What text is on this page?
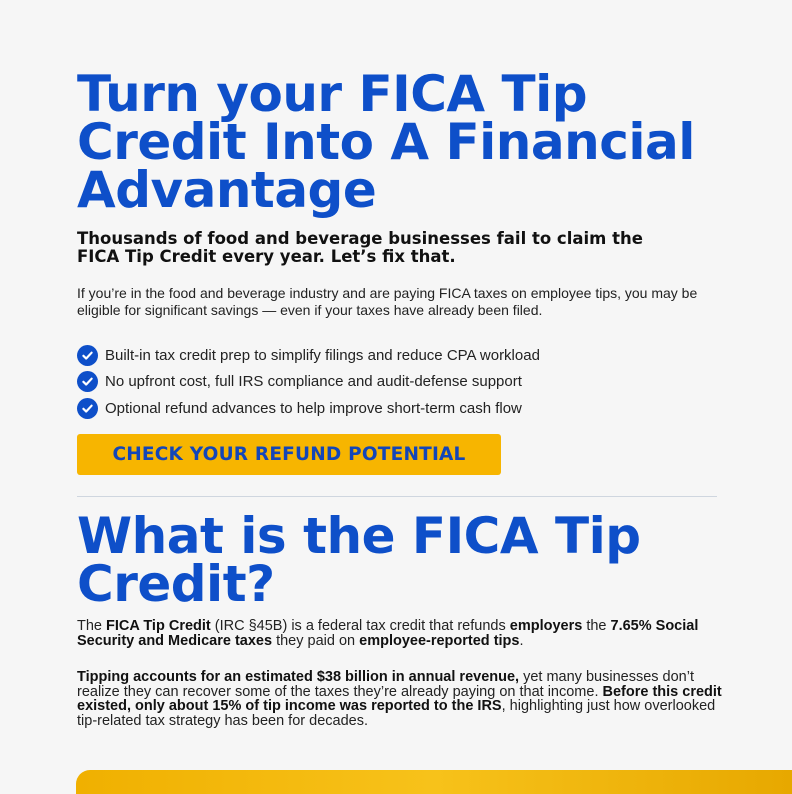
Turn your FICA Tip Credit Into A Financial Advantage
Thousands of food and beverage businesses fail to claim the FICA Tip Credit every year. Let’s fix that.
If you’re in the food and beverage industry and are paying FICA taxes on employee tips, you may be eligible for significant savings — even if your taxes have already been filed.
Built-in tax credit prep to simplify filings and reduce CPA workload
No upfront cost, full IRS compliance and audit-defense support
Optional refund advances to help improve short-term cash flow
CHECK YOUR REFUND POTENTIAL
What is the FICA Tip Credit?

The FICA Tip Credit (IRC §45B) is a federal tax credit that refunds employers the 7.65% Social Security and Medicare taxes they paid on employee-reported tips.

Tipping accounts for an estimated $38 billion in annual revenue, yet many businesses don’t realize they can recover some of the taxes they’re already paying on that income. Before this credit existed, only about 15% of tip income was reported to the IRS, highlighting just how overlooked tip-related tax strategy has been for decades.
